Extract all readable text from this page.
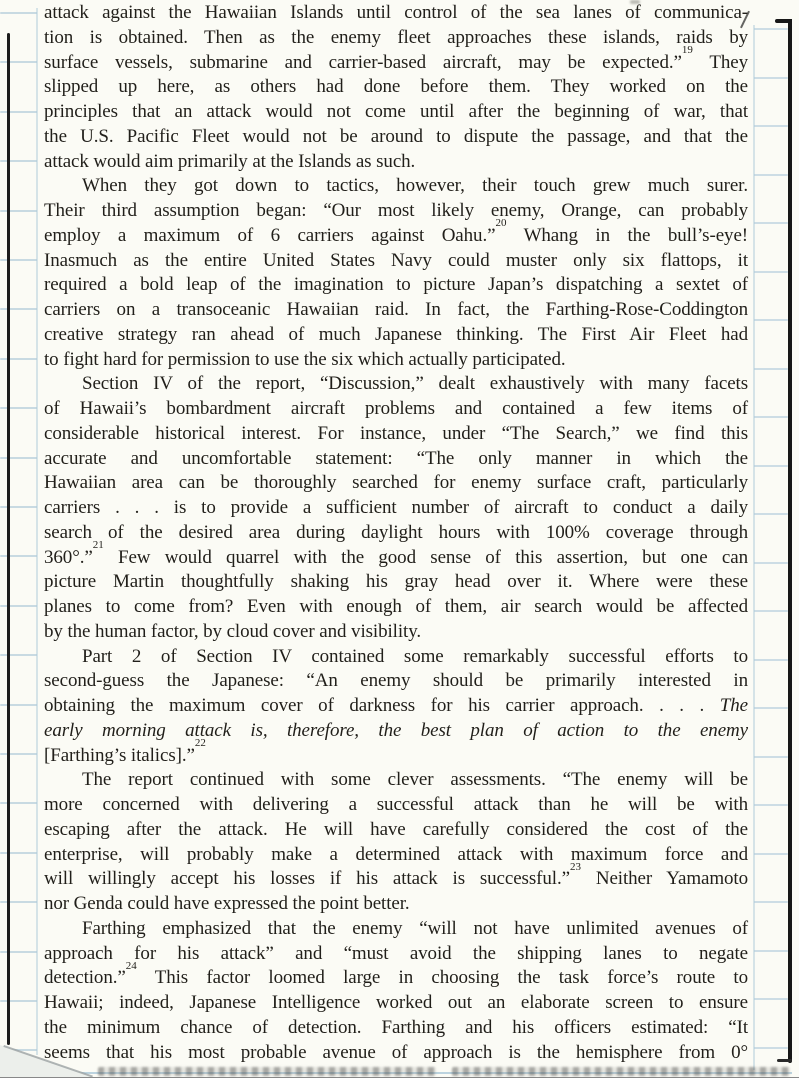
attack against the Hawaiian Islands until control of the sea lanes of communica-
tion is obtained. Then as the enemy fleet approaches these islands, raids by
surface vessels, submarine and carrier-based aircraft, may be expected.”$^{19}$ They
slipped up here, as others had done before them. They worked on the
principles that an attack would not come until after the beginning of war, that
the U.S. Pacific Fleet would not be around to dispute the passage, and that the
attack would aim primarily at the Islands as such.
When they got down to tactics, however, their touch grew much surer.
Their third assumption began: “Our most likely enemy, Orange, can probably
employ a maximum of 6 carriers against Oahu.”$^{20}$ Whang in the bull’s-eye!
Inasmuch as the entire United States Navy could muster only six flattops, it
required a bold leap of the imagination to picture Japan’s dispatching a sextet of
carriers on a transoceanic Hawaiian raid. In fact, the Farthing-Rose-Coddington
creative strategy ran ahead of much Japanese thinking. The First Air Fleet had
to fight hard for permission to use the six which actually participated.
Section IV of the report, “Discussion,” dealt exhaustively with many facets
of Hawaii’s bombardment aircraft problems and contained a few items of
considerable historical interest. For instance, under “The Search,” we find this
accurate and uncomfortable statement: “The only manner in which the
Hawaiian area can be thoroughly searched for enemy surface craft, particularly
carriers . . . is to provide a sufficient number of aircraft to conduct a daily
search of the desired area during daylight hours with 100% coverage through
360°.”$^{21}$ Few would quarrel with the good sense of this assertion, but one can
picture Martin thoughtfully shaking his gray head over it. Where were these
planes to come from? Even with enough of them, air search would be affected
by the human factor, by cloud cover and visibility.
Part 2 of Section IV contained some remarkably successful efforts to
second-guess the Japanese: “An enemy should be primarily interested in
obtaining the maximum cover of darkness for his carrier approach. . . . The
early morning attack is, therefore, the best plan of action to the enemy
[Farthing’s italics].”$^{22}$
The report continued with some clever assessments. “The enemy will be
more concerned with delivering a successful attack than he will be with
escaping after the attack. He will have carefully considered the cost of the
enterprise, will probably make a determined attack with maximum force and
will willingly accept his losses if his attack is successful.”$^{23}$ Neither Yamamoto
nor Genda could have expressed the point better.
Farthing emphasized that the enemy “will not have unlimited avenues of
approach for his attack” and “must avoid the shipping lanes to negate
detection.”$^{24}$ This factor loomed large in choosing the task force’s route to
Hawaii; indeed, Japanese Intelligence worked out an elaborate screen to ensure
the minimum chance of detection. Farthing and his officers estimated: “It
seems that his most probable avenue of approach is the hemisphere from 0°
